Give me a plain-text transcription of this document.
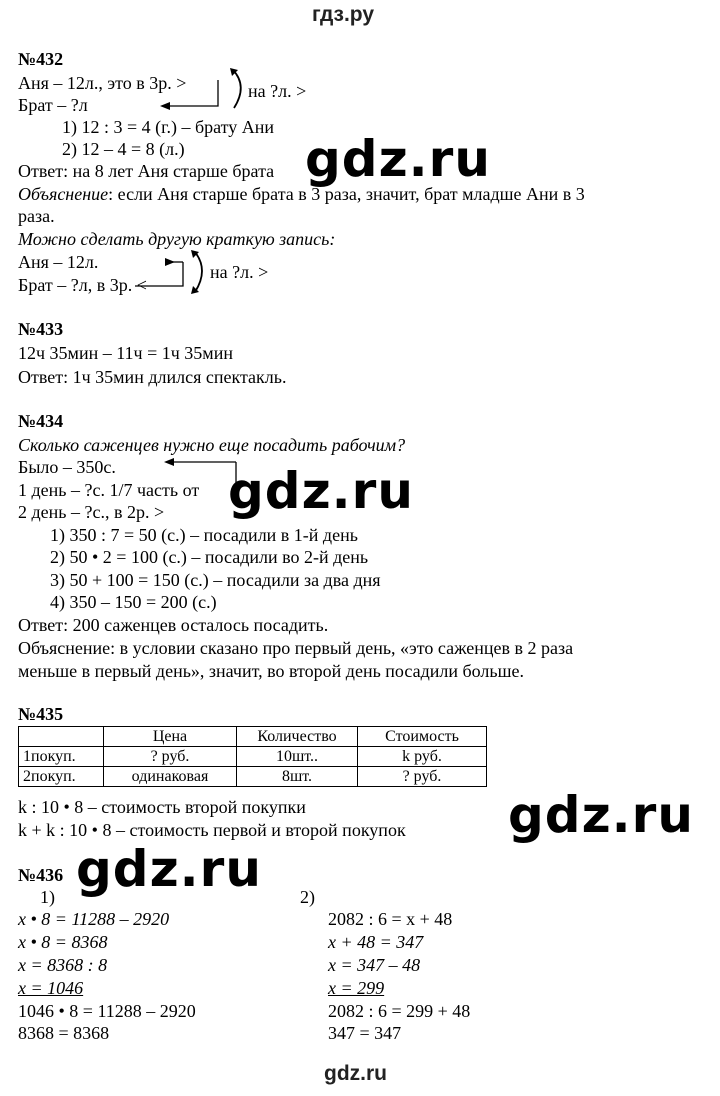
гдз.ру
№432
Аня – 12л., это в 3р. >	на ?л. >
Брат – ?л
1) 12 : 3 = 4 (г.) – брату Ани
2) 12 – 4 = 8 (л.)
Ответ: на 8 лет Аня старше брата
Объяснение: если Аня старше брата в 3 раза, значит, брат младше Ани в 3
раза.
Можно сделать другую краткую запись:
Аня – 12л.	на ?л. >
Брат – ?л, в 3р. <
gdz.ru
№433
12ч 35мин – 11ч = 1ч 35мин
Ответ: 1ч 35мин длился спектакль.
№434
Сколько саженцев нужно еще посадить рабочим?
Было – 350с.
1 день – ?с. 1/7 часть от
2 день – ?с., в 2р. > gdz.ru
1) 350 : 7 = 50 (с.) – посадили в 1-й день
2) 50 • 2 = 100 (с.) – посадили во 2-й день
3) 50 + 100 = 150 (с.) – посадили за два дня
4) 350 – 150 = 200 (с.)
Ответ: 200 саженцев осталось посадить.
Объяснение: в условии сказано про первый день, «это саженцев в 2 раза
меньше в первый день», значит, во второй день посадили больше.
№435
	Цена	Количество	Стоимость
1покуп.	? руб.	10шт..	k руб.
2покуп.	одинаковая	8шт.	? руб.
k : 10 • 8 – стоимость второй покупки
k + k : 10 • 8 – стоимость первой и второй покупок gdz.ru
№436 gdz.ru
1)
x • 8 = 11288 – 2920
x • 8 = 8368
x = 8368 : 8
x = 1046
1046 • 8 = 11288 – 2920
8368 = 8368
2)
2082 : 6 = x + 48
x + 48 = 347
x = 347 – 48
x = 299
2082 : 6 = 299 + 48
347 = 347
gdz.ru
